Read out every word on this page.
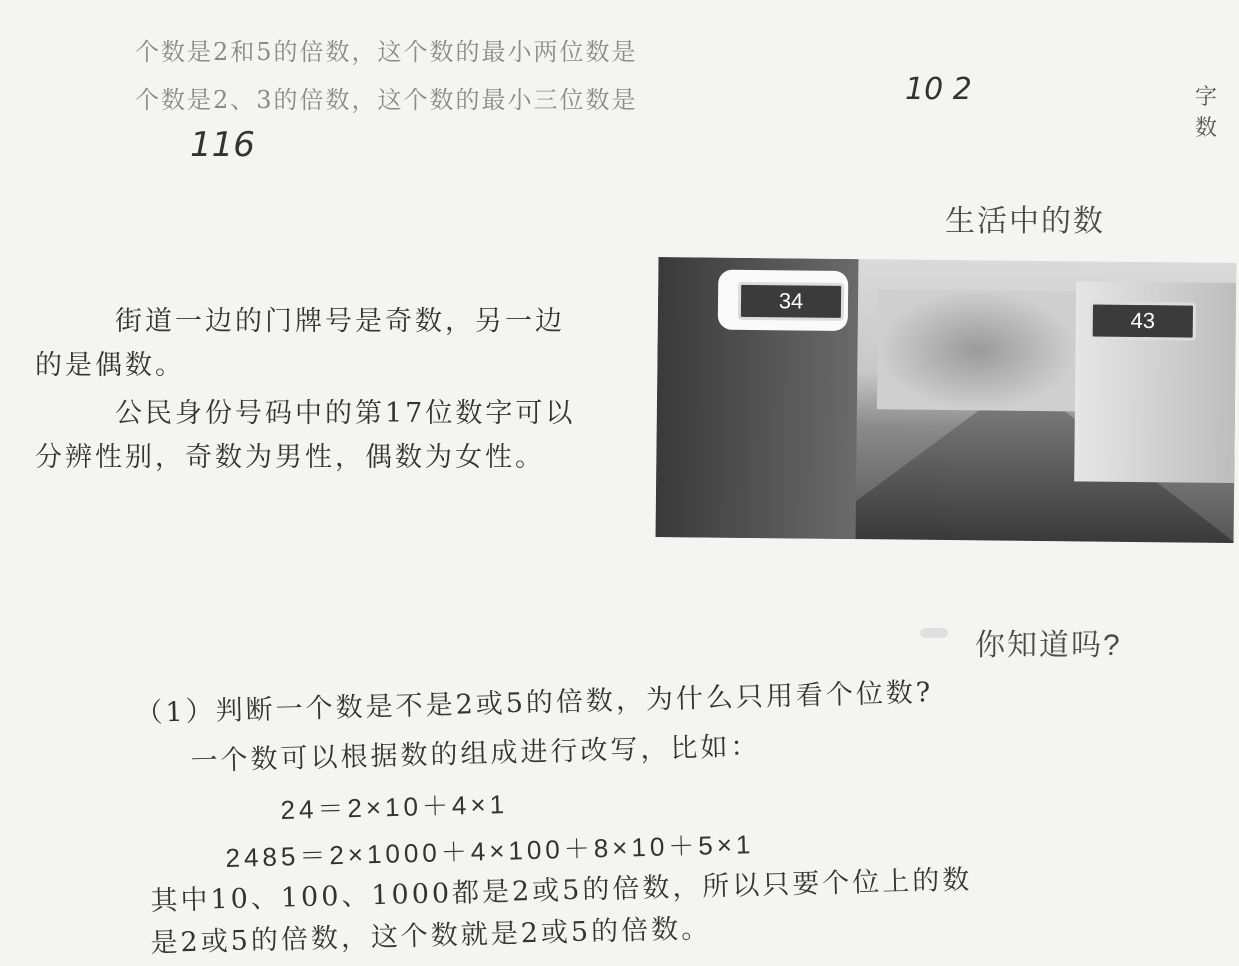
个数是2和5的倍数，这个数的最小两位数是
个数是2、3的倍数，这个数的最小三位数是	10 2
116
字数
生活中的数
街道一边的门牌号是奇数，另一边的是偶数。
公民身份号码中的第17位数字可以分辨性别，奇数为男性，偶数为女性。
34
43
你知道吗?
（1）判断一个数是不是2或5的倍数，为什么只用看个位数?
一个数可以根据数的组成进行改写，比如：
24＝2×10＋4×1
2485＝2×1000＋4×100＋8×10＋5×1
其中10、100、1000都是2或5的倍数，所以只要个位上的数
是2或5的倍数，这个数就是2或5的倍数。
